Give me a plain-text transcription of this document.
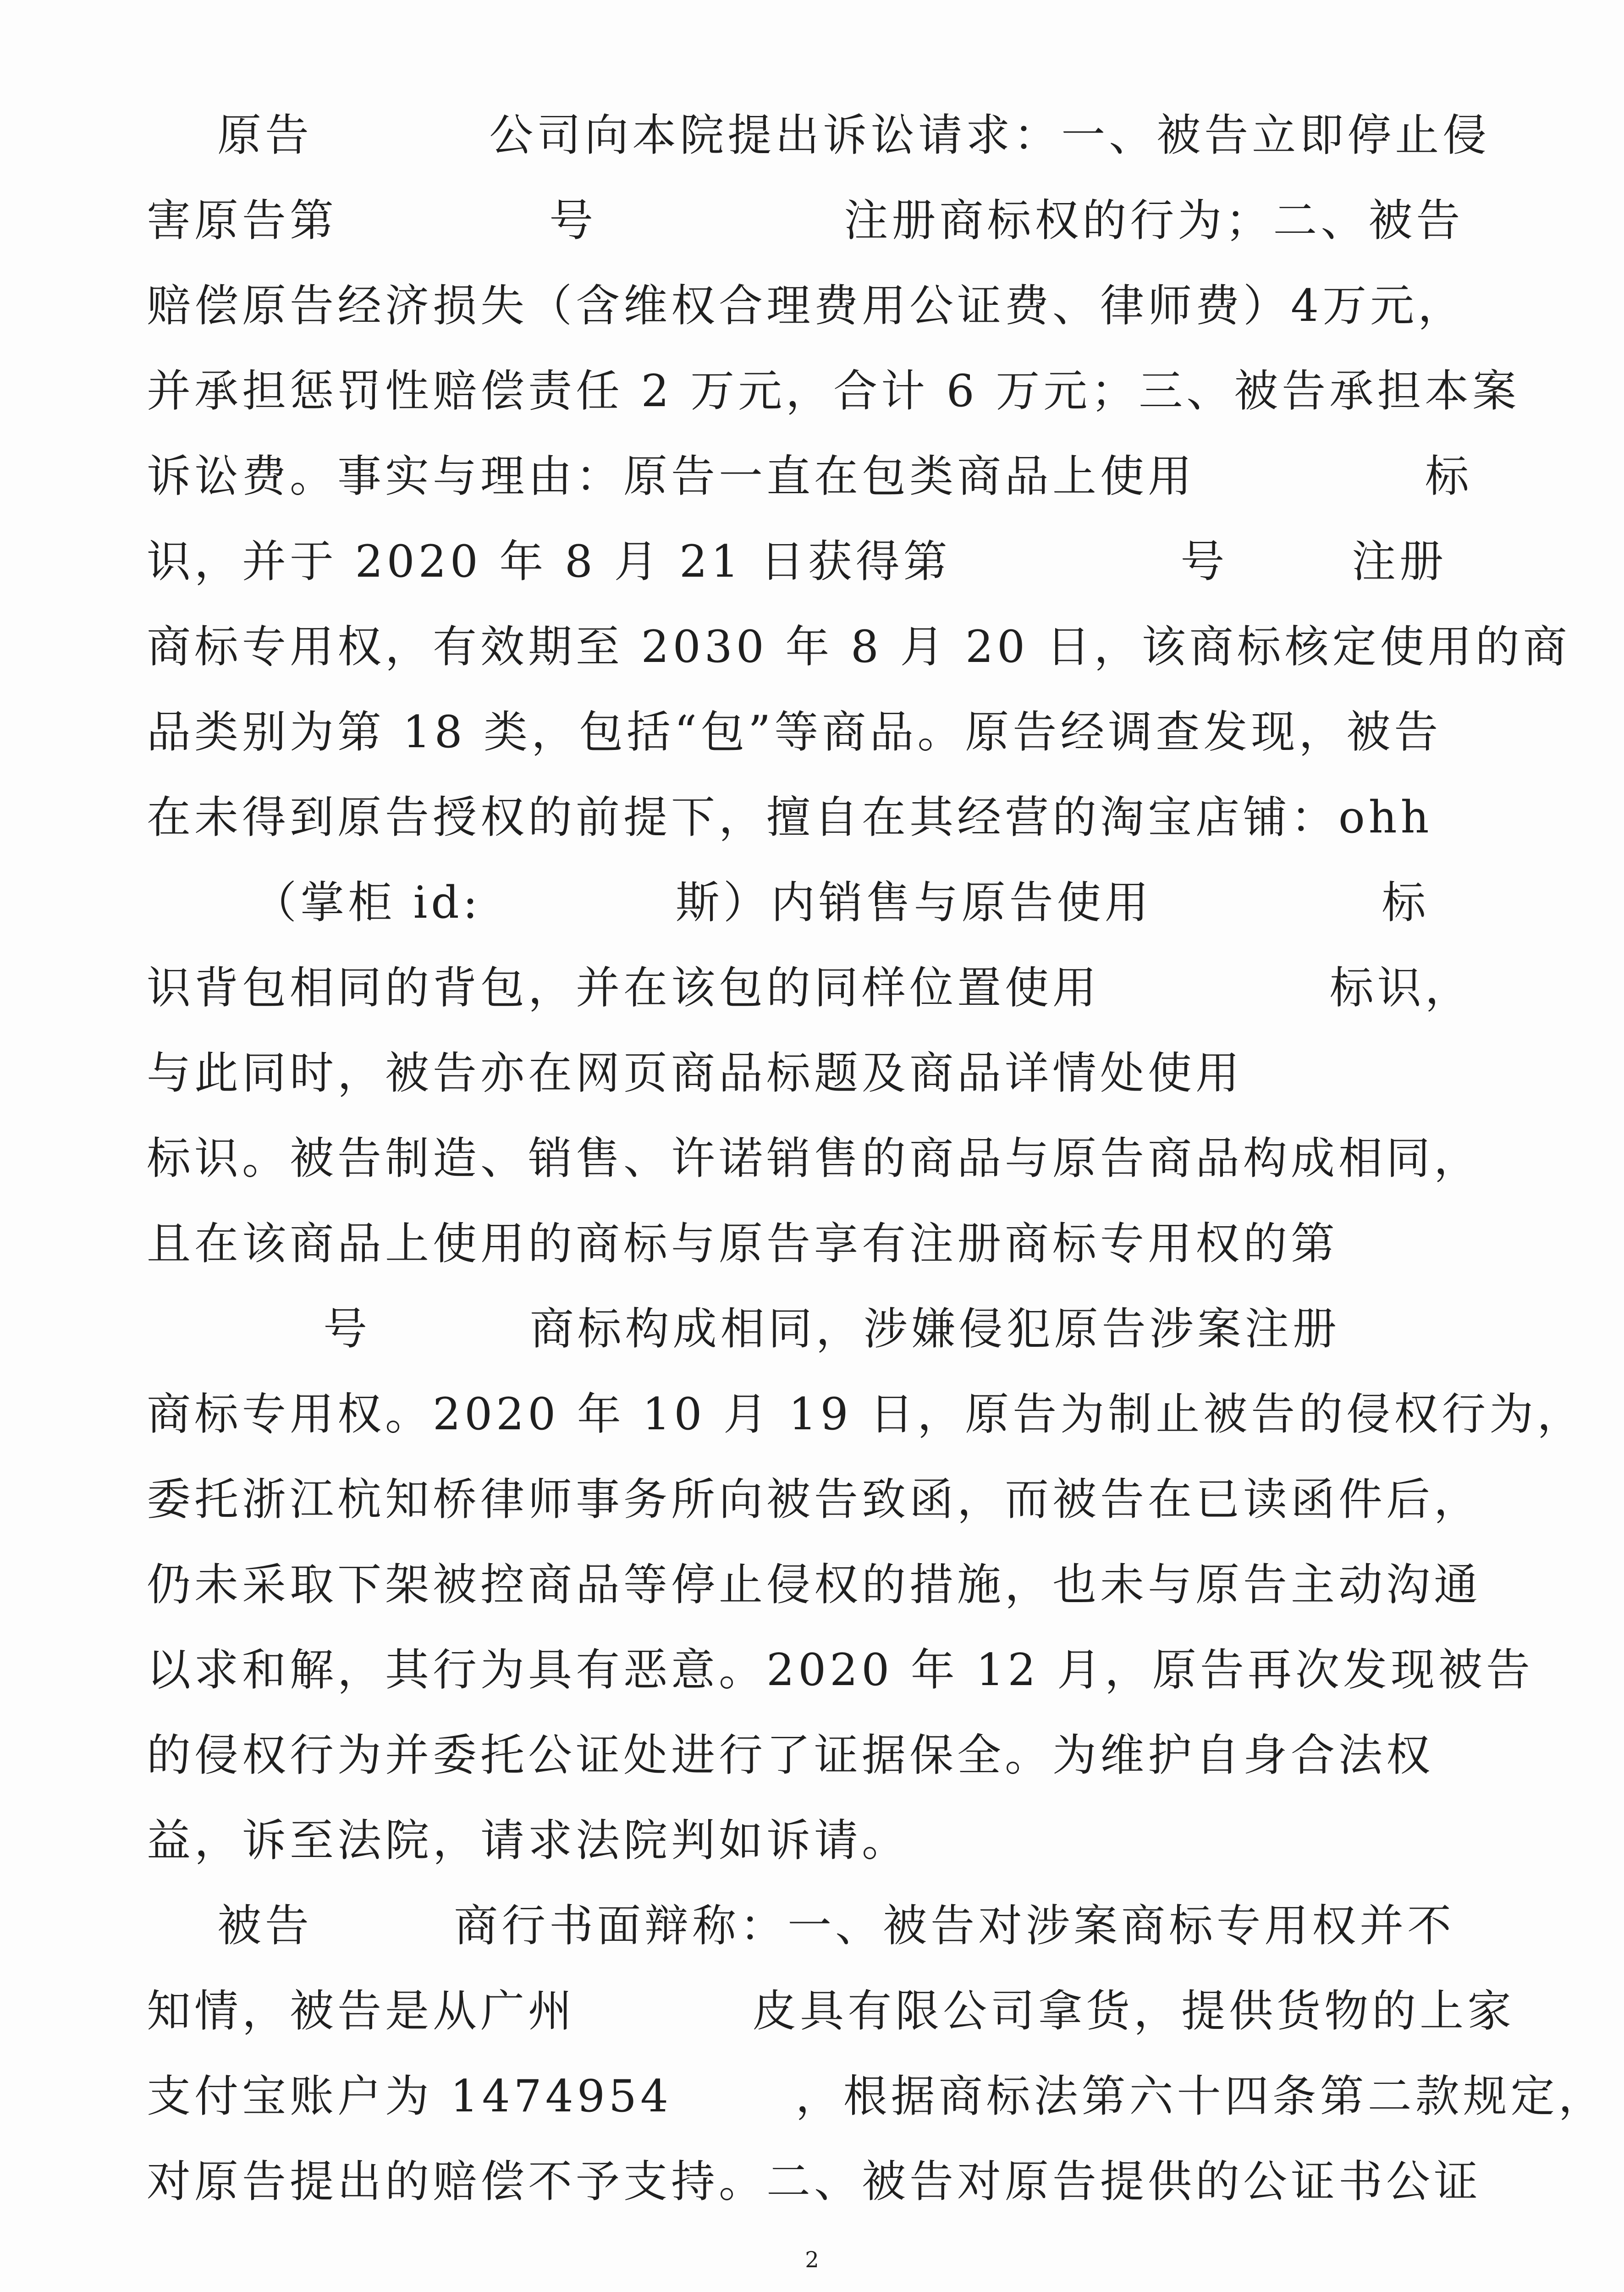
原告          公司向本院提出诉讼请求：一、被告立即停止侵
害原告第            号              注册商标权的行为；二、被告
赔偿原告经济损失（含维权合理费用公证费、律师费）4万元，
并承担惩罚性赔偿责任 2 万元，合计 6 万元；三、被告承担本案
诉讼费。事实与理由：原告一直在包类商品上使用             标
识，并于 2020 年 8 月 21 日获得第             号       注册
商标专用权，有效期至 2030 年 8 月 20 日，该商标核定使用的商
品类别为第 18 类，包括“包”等商品。原告经调查发现，被告
在未得到原告授权的前提下，擅自在其经营的淘宝店铺：ohh
（掌柜 id:           斯）内销售与原告使用             标
识背包相同的背包，并在该包的同样位置使用             标识，
与此同时，被告亦在网页商品标题及商品详情处使用
标识。被告制造、销售、许诺销售的商品与原告商品构成相同，
且在该商品上使用的商标与原告享有注册商标专用权的第
号         商标构成相同，涉嫌侵犯原告涉案注册
商标专用权。2020 年 10 月 19 日，原告为制止被告的侵权行为，
委托浙江杭知桥律师事务所向被告致函，而被告在已读函件后，
仍未采取下架被控商品等停止侵权的措施，也未与原告主动沟通
以求和解，其行为具有恶意。2020 年 12 月，原告再次发现被告
的侵权行为并委托公证处进行了证据保全。为维护自身合法权
益，诉至法院，请求法院判如诉请。
被告        商行书面辩称：一、被告对涉案商标专用权并不
知情，被告是从广州          皮具有限公司拿货，提供货物的上家
支付宝账户为 1474954       ，根据商标法第六十四条第二款规定，
对原告提出的赔偿不予支持。二、被告对原告提供的公证书公证
2
